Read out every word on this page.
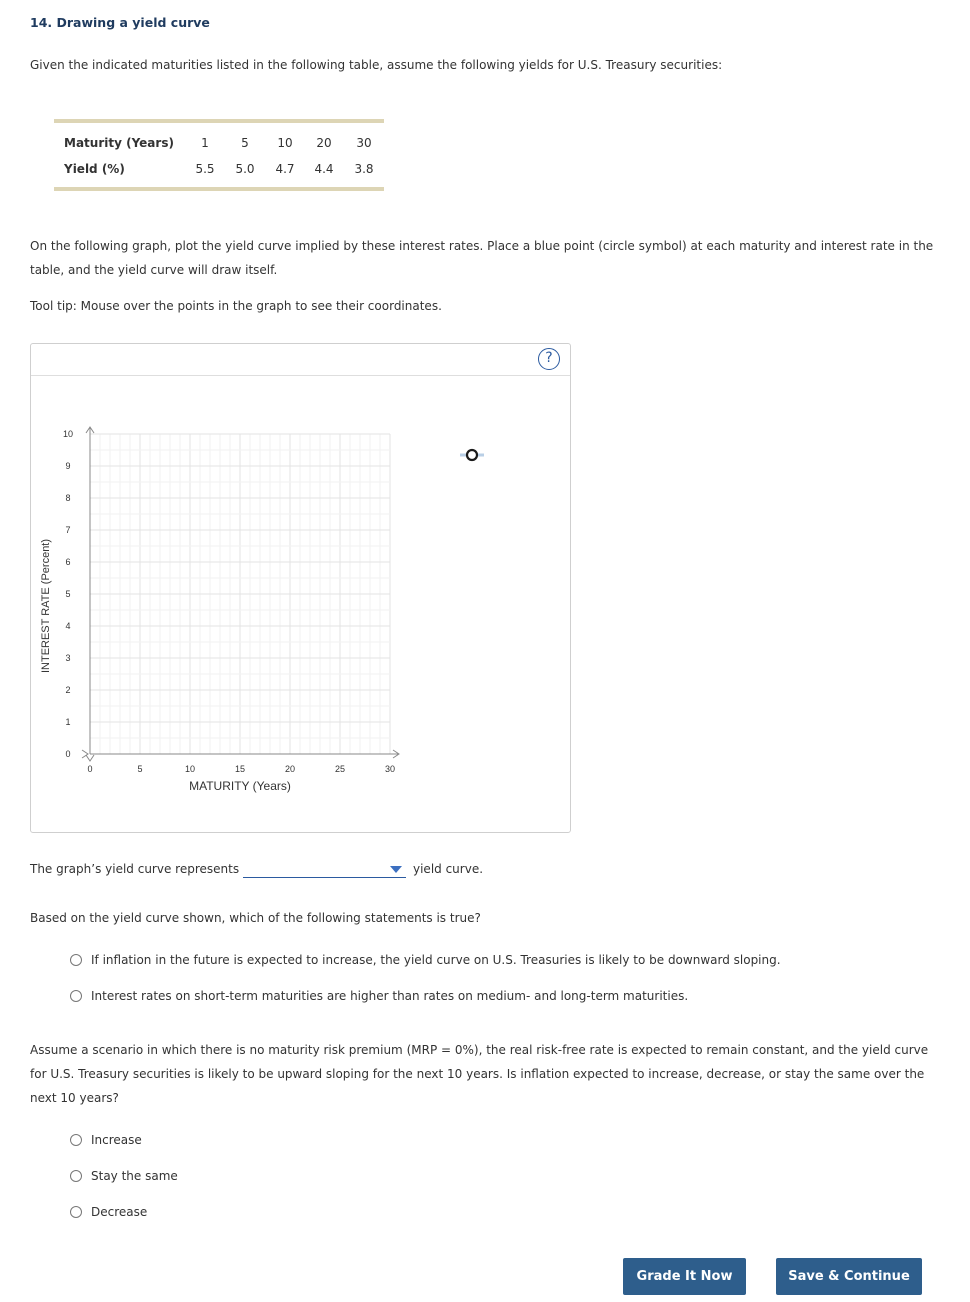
14. Drawing a yield curve
Given the indicated maturities listed in the following table, assume the following yields for U.S. Treasury securities:
Maturity (Years)	1	5	10	20	30
Yield (%)	5.5	5.0	4.7	4.4	3.8
On the following graph, plot the yield curve implied by these interest rates. Place a blue point (circle symbol) at each maturity and interest rate in the
table, and the yield curve will draw itself.
Tool tip: Mouse over the points in the graph to see their coordinates.
?
0	5	10	15	20	25	30
0
1
2
3
4
5
6
7
8
9
10
MATURITY (Years)
INTEREST RATE (Percent)
The graph’s yield curve represents	yield curve.
Based on the yield curve shown, which of the following statements is true?
If inflation in the future is expected to increase, the yield curve on U.S. Treasuries is likely to be downward sloping.
Interest rates on short-term maturities are higher than rates on medium- and long-term maturities.
Assume a scenario in which there is no maturity risk premium (MRP = 0%), the real risk-free rate is expected to remain constant, and the yield curve
for U.S. Treasury securities is likely to be upward sloping for the next 10 years. Is inflation expected to increase, decrease, or stay the same over the
next 10 years?
Increase
Stay the same
Decrease
Grade It Now	Save & Continue
